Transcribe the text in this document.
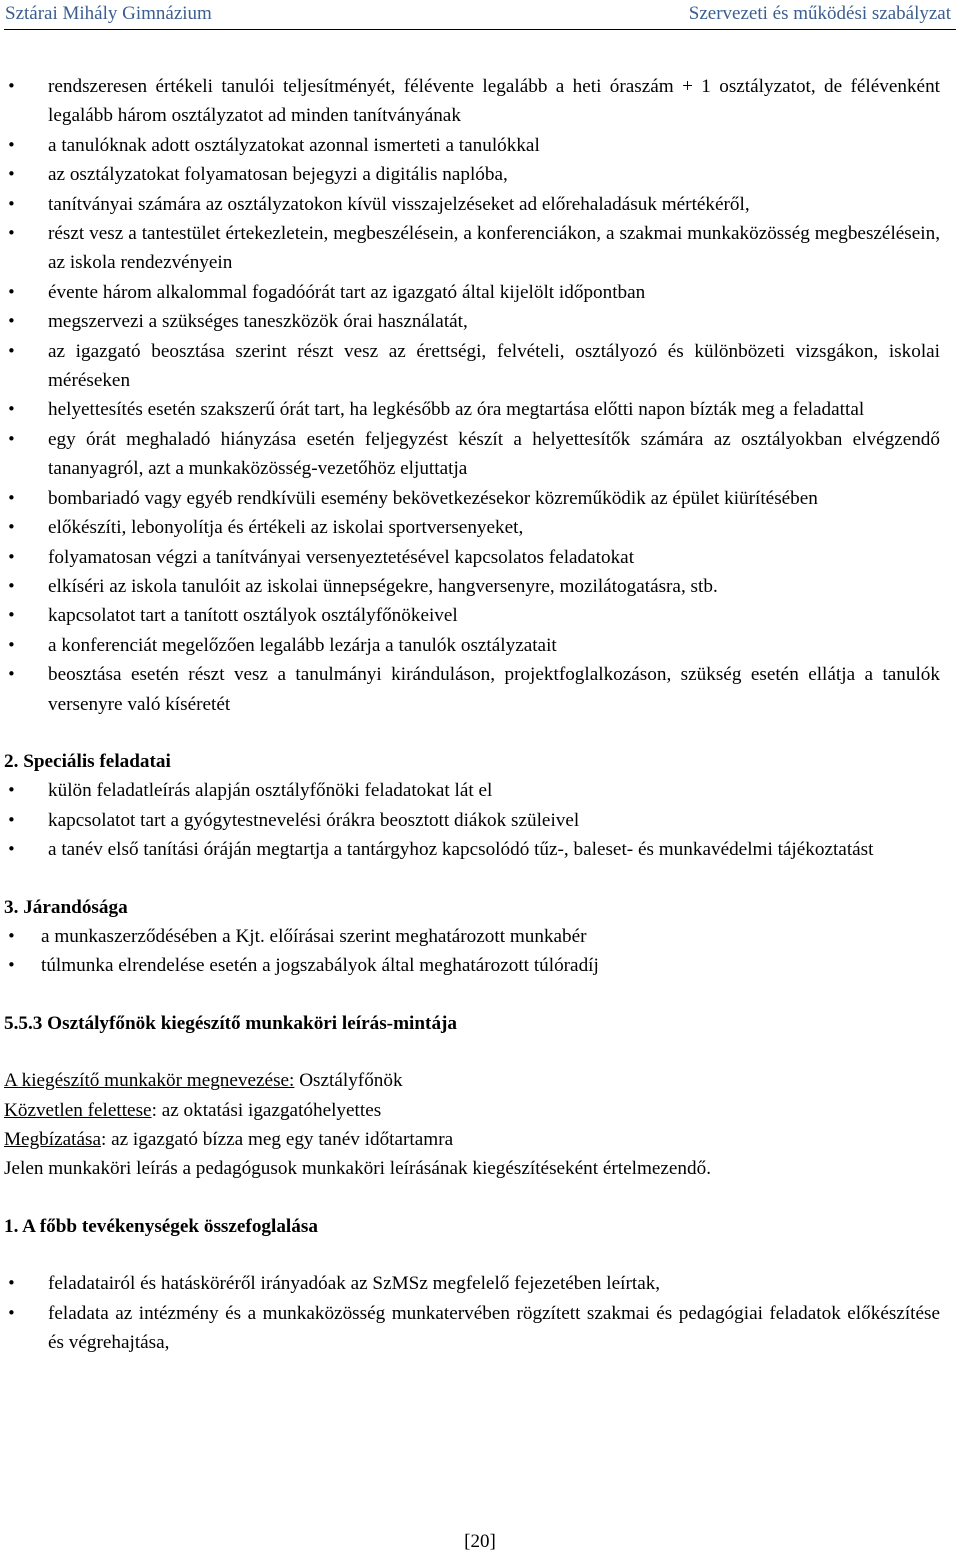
Sztárai Mihály Gimnázium	Szervezeti és működési szabályzat
• rendszeresen értékeli tanulói teljesítményét, félévente legalább a heti óraszám + 1 osztályzatot, de félévenként legalább három osztályzatot ad minden tanítványának
• a tanulóknak adott osztályzatokat azonnal ismerteti a tanulókkal
• az osztályzatokat folyamatosan bejegyzi a digitális naplóba,
• tanítványai számára az osztályzatokon kívül visszajelzéseket ad előrehaladásuk mértékéről,
• részt vesz a tantestület értekezletein, megbeszélésein, a konferenciákon, a szakmai munkaközösség megbeszélésein, az iskola rendezvényein
• évente három alkalommal fogadóórát tart az igazgató által kijelölt időpontban
• megszervezi a szükséges taneszközök órai használatát,
• az igazgató beosztása szerint részt vesz az érettségi, felvételi, osztályozó és különbözeti vizsgákon, iskolai méréseken
• helyettesítés esetén szakszerű órát tart, ha legkésőbb az óra megtartása előtti napon bízták meg a feladattal
• egy órát meghaladó hiányzása esetén feljegyzést készít a helyettesítők számára az osztályokban elvégzendő tananyagról, azt a munkaközösség-vezetőhöz eljuttatja
• bombariadó vagy egyéb rendkívüli esemény bekövetkezésekor közreműködik az épület kiürítésében
• előkészíti, lebonyolítja és értékeli az iskolai sportversenyeket,
• folyamatosan végzi a tanítványai versenyeztetésével kapcsolatos feladatokat
• elkíséri az iskola tanulóit az iskolai ünnepségekre, hangversenyre, mozilátogatásra, stb.
• kapcsolatot tart a tanított osztályok osztályfőnökeivel
• a konferenciát megelőzően legalább lezárja a tanulók osztályzatait
• beosztása esetén részt vesz a tanulmányi kiránduláson, projektfoglalkozáson, szükség esetén ellátja a tanulók versenyre való kíséretét

2. Speciális feladatai

• külön feladatleírás alapján osztályfőnöki feladatokat lát el
• kapcsolatot tart a gyógytestnevelési órákra beosztott diákok szüleivel
• a tanév első tanítási óráján megtartja a tantárgyhoz kapcsolódó tűz-, baleset- és munkavédelmi tájékoztatást

3. Járandósága

• a munkaszerződésében a Kjt. előírásai szerint meghatározott munkabér
• túlmunka elrendelése esetén a jogszabályok által meghatározott túlóradíj

5.5.3 Osztályfőnök kiegészítő munkaköri leírás-mintája

A kiegészítő munkakör megnevezése: Osztályfőnök

Közvetlen felettese: az oktatási igazgatóhelyettes

Megbízatása: az igazgató bízza meg egy tanév időtartamra

Jelen munkaköri leírás a pedagógusok munkaköri leírásának kiegészítéseként értelmezendő.

1. A főbb tevékenységek összefoglalása

• feladatairól és hatásköréről irányadóak az SzMSz megfelelő fejezetében leírtak,
• feladata az intézmény és a munkaközösség munkatervében rögzített szakmai és pedagógiai feladatok előkészítése és végrehajtása,
[20]
